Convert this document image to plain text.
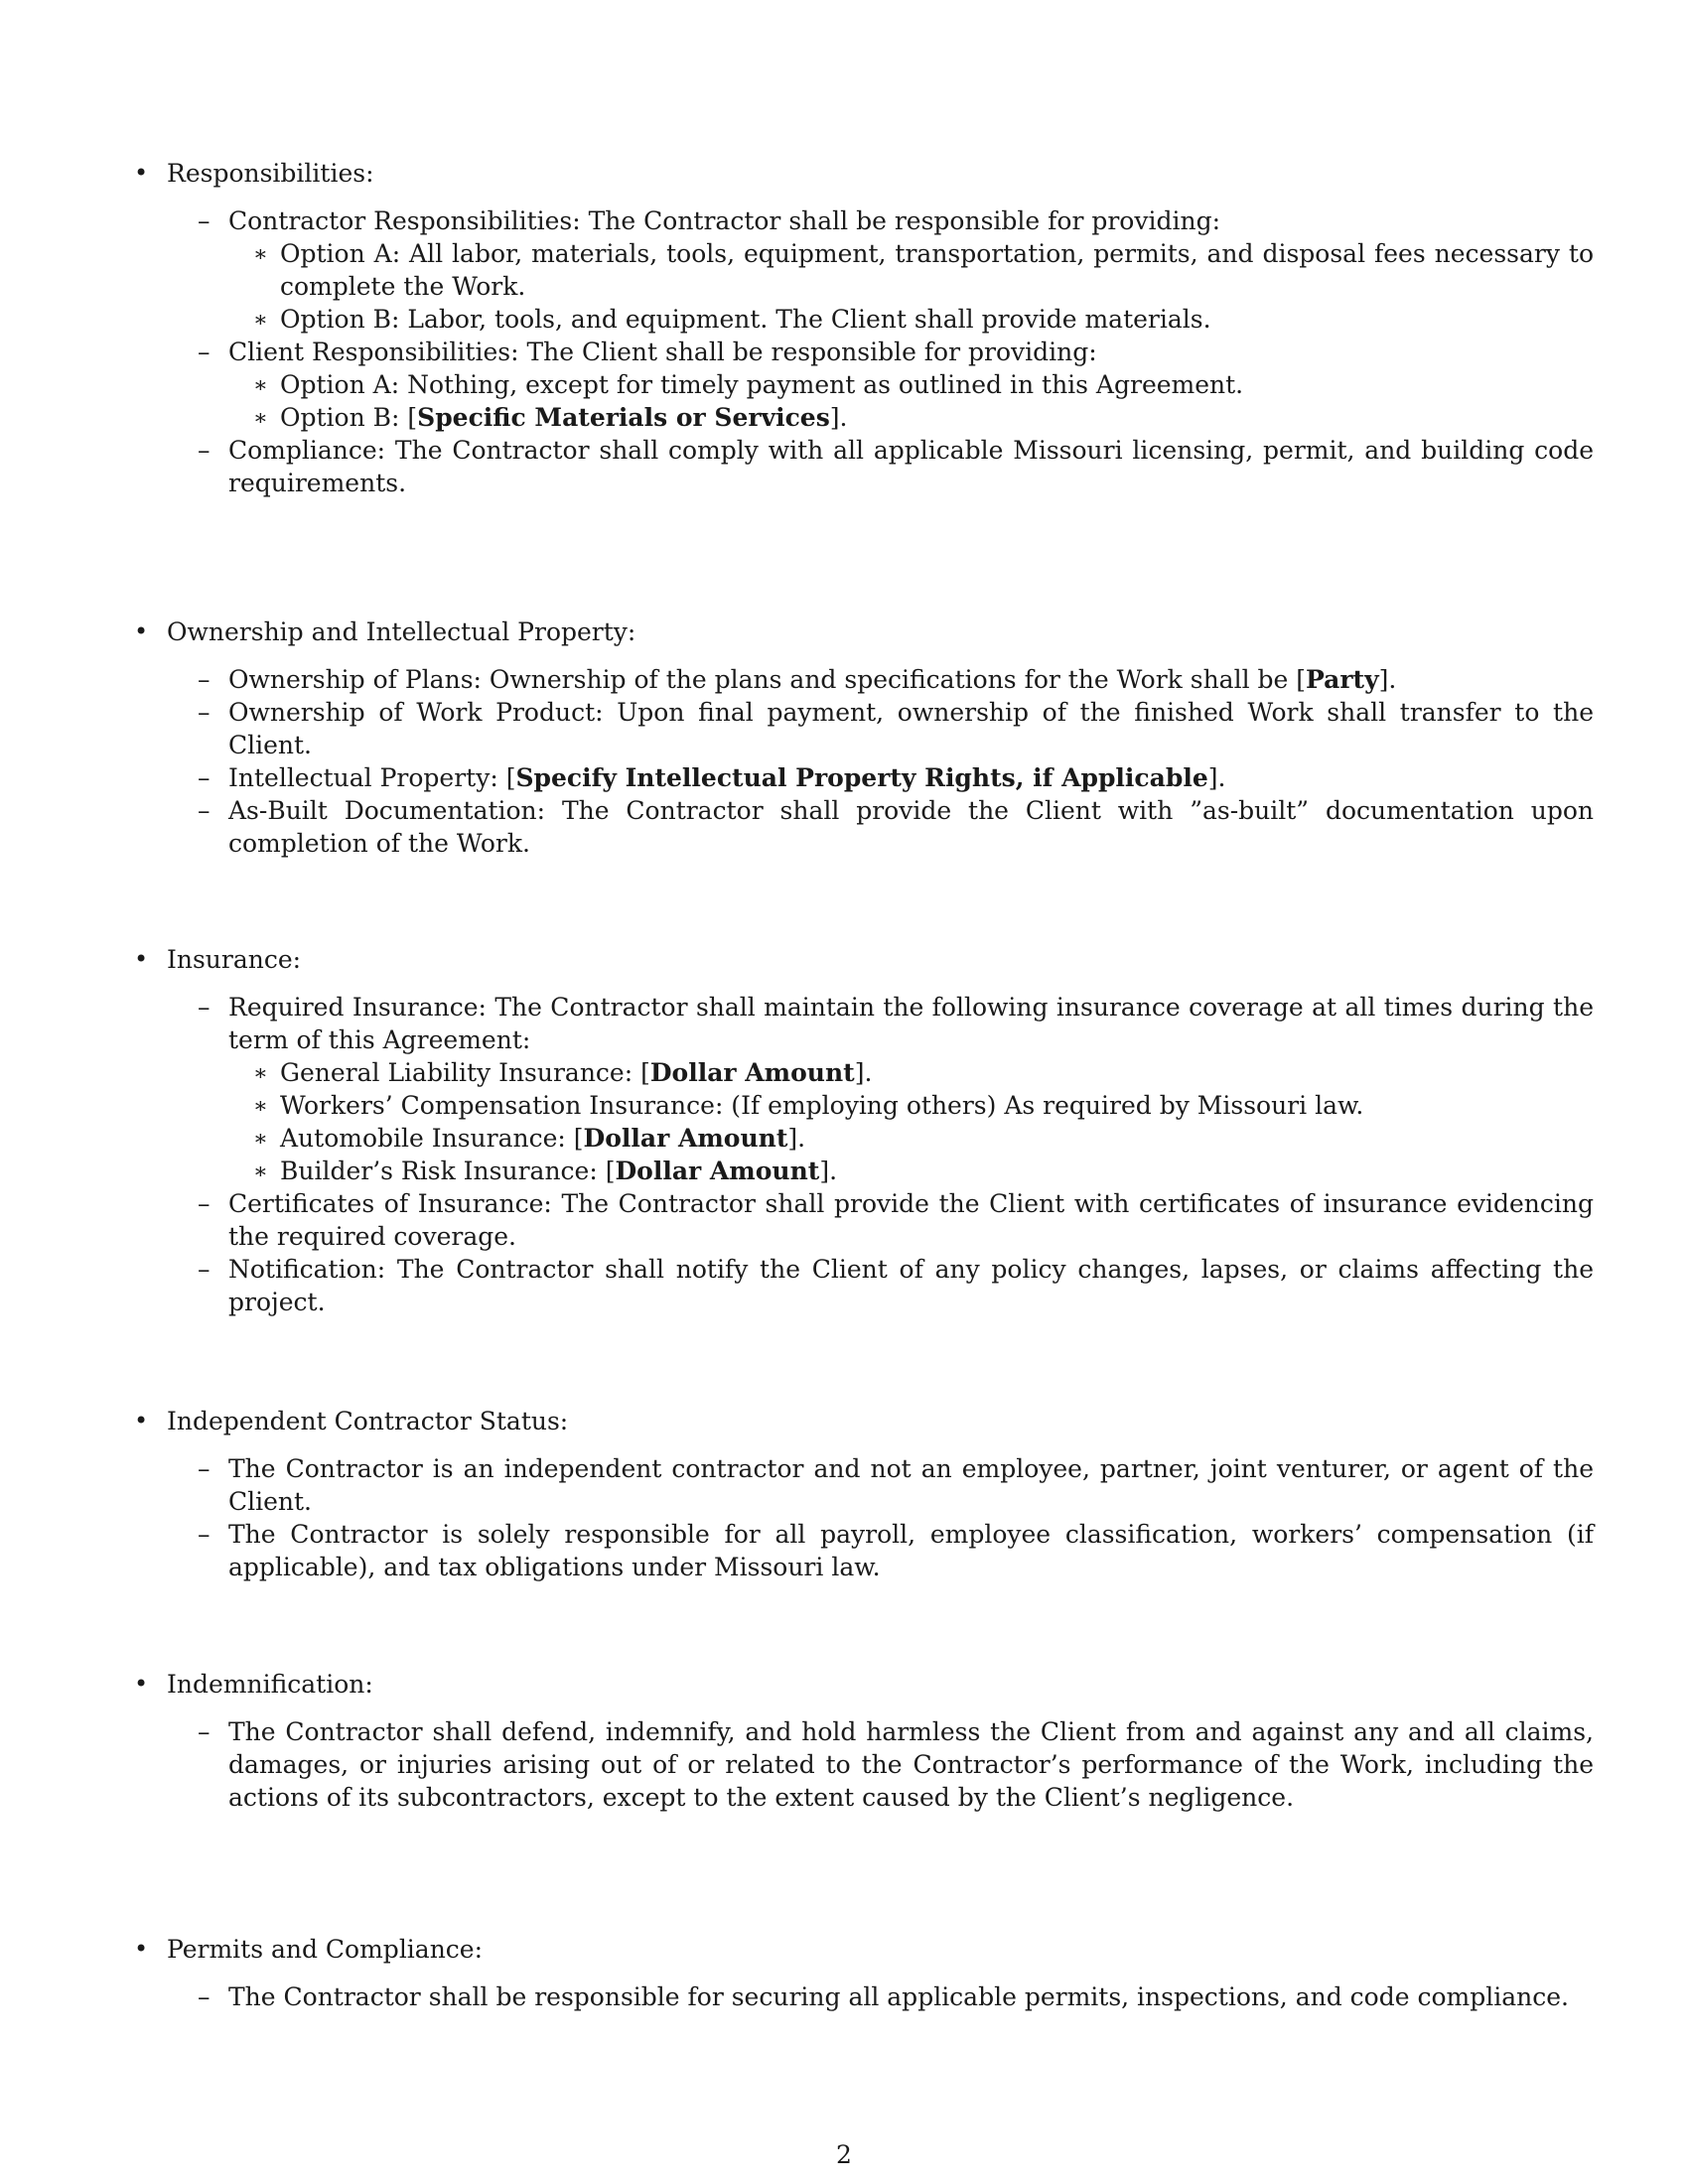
• Responsibilities:
– Contractor Responsibilities: The Contractor shall be responsible for providing:
∗ Option A: All labor, materials, tools, equipment, transportation, permits, and disposal fees necessary to complete the Work.
∗ Option B: Labor, tools, and equipment. The Client shall provide materials.
– Client Responsibilities: The Client shall be responsible for providing:
∗ Option A: Nothing, except for timely payment as outlined in this Agreement.
∗ Option B: [Specific Materials or Services].
– Compliance: The Contractor shall comply with all applicable Missouri licensing, permit, and building code requirements.
• Ownership and Intellectual Property:
– Ownership of Plans: Ownership of the plans and specifications for the Work shall be [Party].
– Ownership of Work Product: Upon final payment, ownership of the finished Work shall transfer to the Client.
– Intellectual Property: [Specify Intellectual Property Rights, if Applicable].
– As-Built Documentation: The Contractor shall provide the Client with ”as-built” documentation upon completion of the Work.
• Insurance:
– Required Insurance: The Contractor shall maintain the following insurance coverage at all times during the term of this Agreement:
∗ General Liability Insurance: [Dollar Amount].
∗ Workers’ Compensation Insurance: (If employing others) As required by Missouri law.
∗ Automobile Insurance: [Dollar Amount].
∗ Builder’s Risk Insurance: [Dollar Amount].
– Certificates of Insurance: The Contractor shall provide the Client with certificates of insurance evidencing the required coverage.
– Notification: The Contractor shall notify the Client of any policy changes, lapses, or claims affecting the project.
• Independent Contractor Status:
– The Contractor is an independent contractor and not an employee, partner, joint venturer, or agent of the Client.
– The Contractor is solely responsible for all payroll, employee classification, workers’ compensation (if applicable), and tax obligations under Missouri law.
• Indemnification:
– The Contractor shall defend, indemnify, and hold harmless the Client from and against any and all claims, damages, or injuries arising out of or related to the Contractor’s performance of the Work, including the actions of its subcontractors, except to the extent caused by the Client’s negligence.
• Permits and Compliance:
– The Contractor shall be responsible for securing all applicable permits, inspections, and code compliance.
2
